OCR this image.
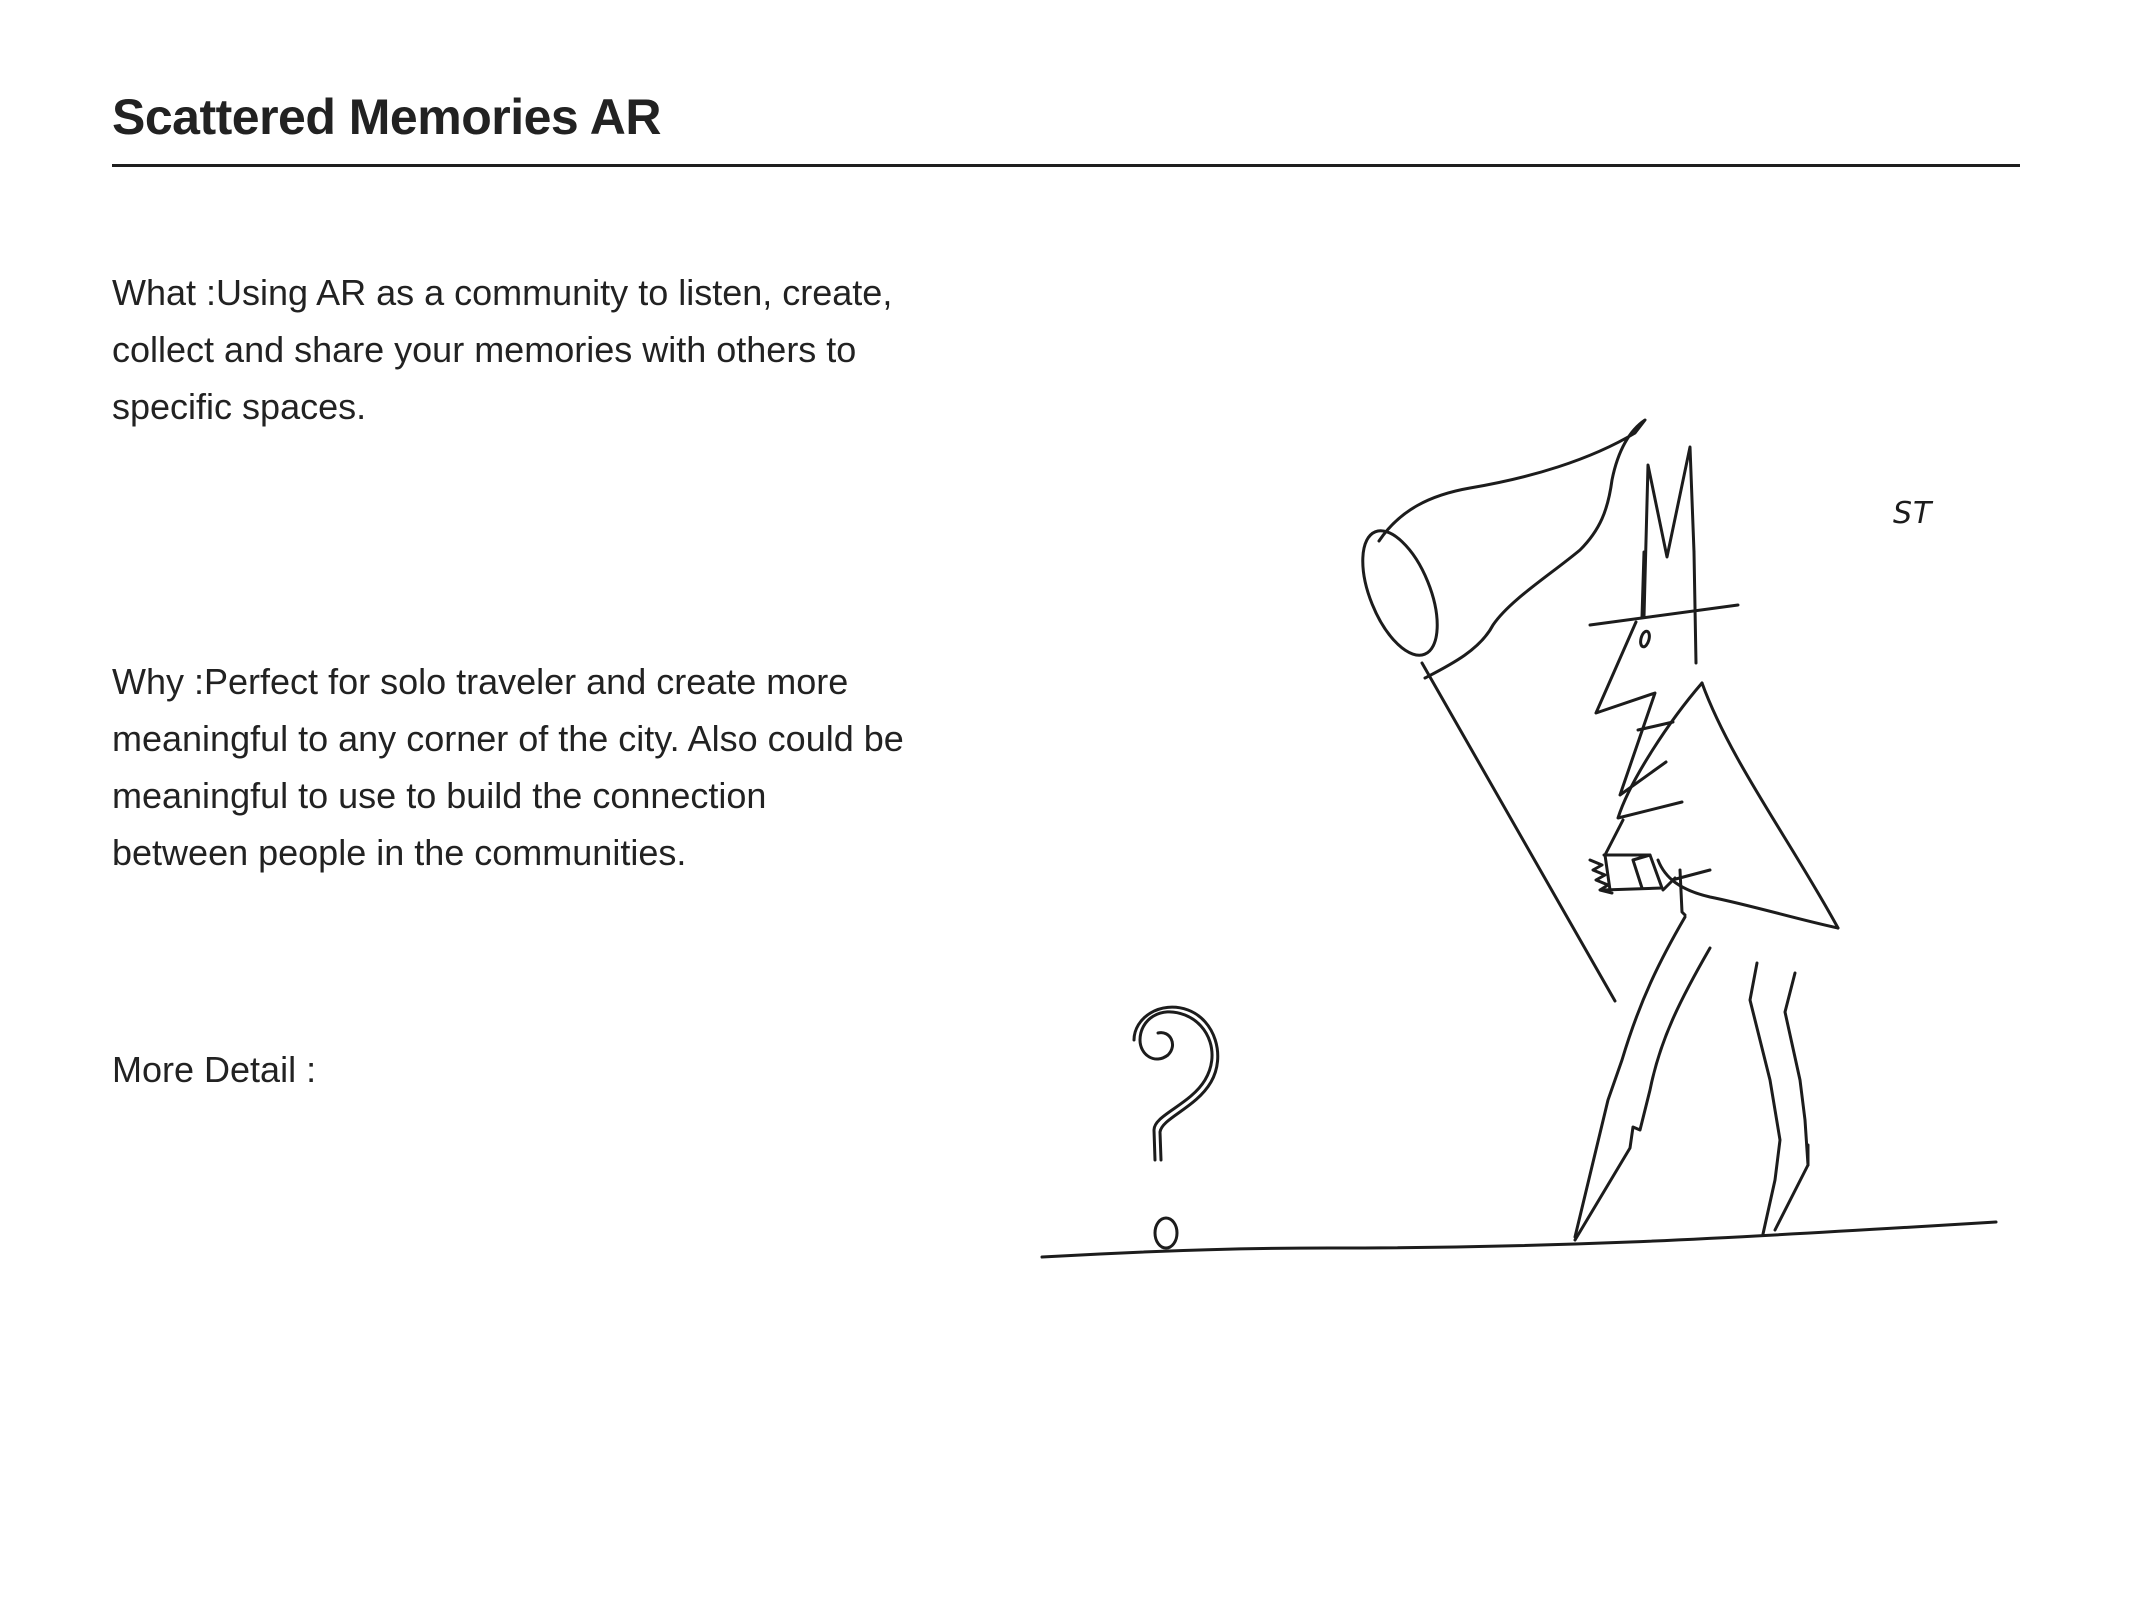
Scattered Memories AR

What :Using AR as a community to listen, create, collect and share your memories with others to specific spaces.

Why :Perfect for solo traveler and create more meaningful to any corner of the city. Also could be meaningful to use to build the connection between people in the communities.

More Detail :

ST
